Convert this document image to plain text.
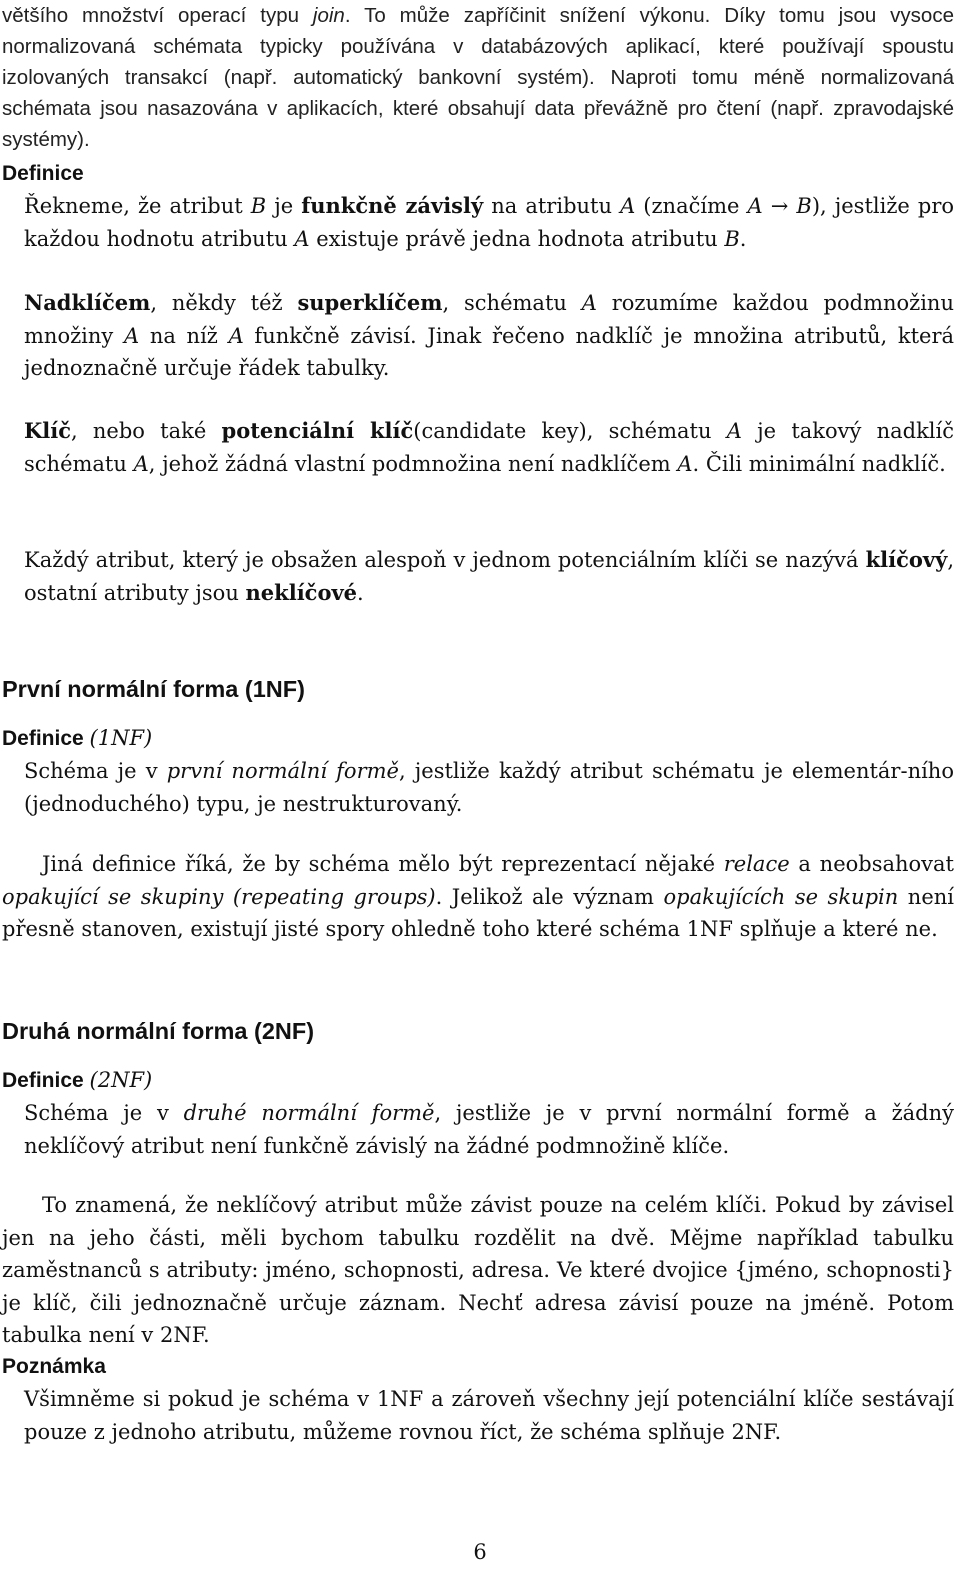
většího množství operací typu join. To může zapříčinit snížení výkonu. Díky tomu jsou vysoce normalizovaná schémata typicky používána v databázových aplikací, které používají spoustu izolovaných transakcí (např. automatický bankovní systém). Naproti tomu méně normalizovaná schémata jsou nasazována v aplikacích, které obsahují data převážně pro čtení (např. zpravodajské systémy).

Definice

Řekneme, že atribut B je funkčně závislý na atributu A (značíme A → B), jestliže pro každou hodnotu atributu A existuje právě jedna hodnota atributu B.

Nadklíčem, někdy též superklíčem, schématu A rozumíme každou podmnožinu množiny A na níž A funkčně závisí. Jinak řečeno nadklíč je množina atributů, která jednoznačně určuje řádek tabulky.

Klíč, nebo také potenciální klíč(candidate key), schématu A je takový nadklíč schématu A, jehož žádná vlastní podmnožina není nadklíčem A. Čili minimální nadklíč.

Každý atribut, který je obsažen alespoň v jednom potenciálním klíči se nazývá klíčový, ostatní atributy jsou neklíčové.

První normální forma (1NF)
Definice (1NF)

Schéma je v první normální formě, jestliže každý atribut schématu je elementár-ního (jednoduchého) typu, je nestrukturovaný.

Jiná definice říká, že by schéma mělo být reprezentací nějaké relace a neobsahovat opakující se skupiny (repeating groups). Jelikož ale význam opakujících se skupin není přesně stanoven, existují jisté spory ohledně toho které schéma 1NF splňuje a které ne.

Druhá normální forma (2NF)
Definice (2NF)

Schéma je v druhé normální formě, jestliže je v první normální formě a žádný neklíčový atribut není funkčně závislý na žádné podmnožině klíče.

To znamená, že neklíčový atribut může závist pouze na celém klíči. Pokud by závisel jen na jeho části, měli bychom tabulku rozdělit na dvě. Mějme například tabulku zaměstnanců s atributy: jméno, schopnosti, adresa. Ve které dvojice {jméno, schopnosti} je klíč, čili jednoznačně určuje záznam. Nechť adresa závisí pouze na jméně. Potom tabulka není v 2NF.

Poznámka

Všimněme si pokud je schéma v 1NF a zároveň všechny její potenciální klíče sestávají pouze z jednoho atributu, můžeme rovnou říct, že schéma splňuje 2NF.

6
